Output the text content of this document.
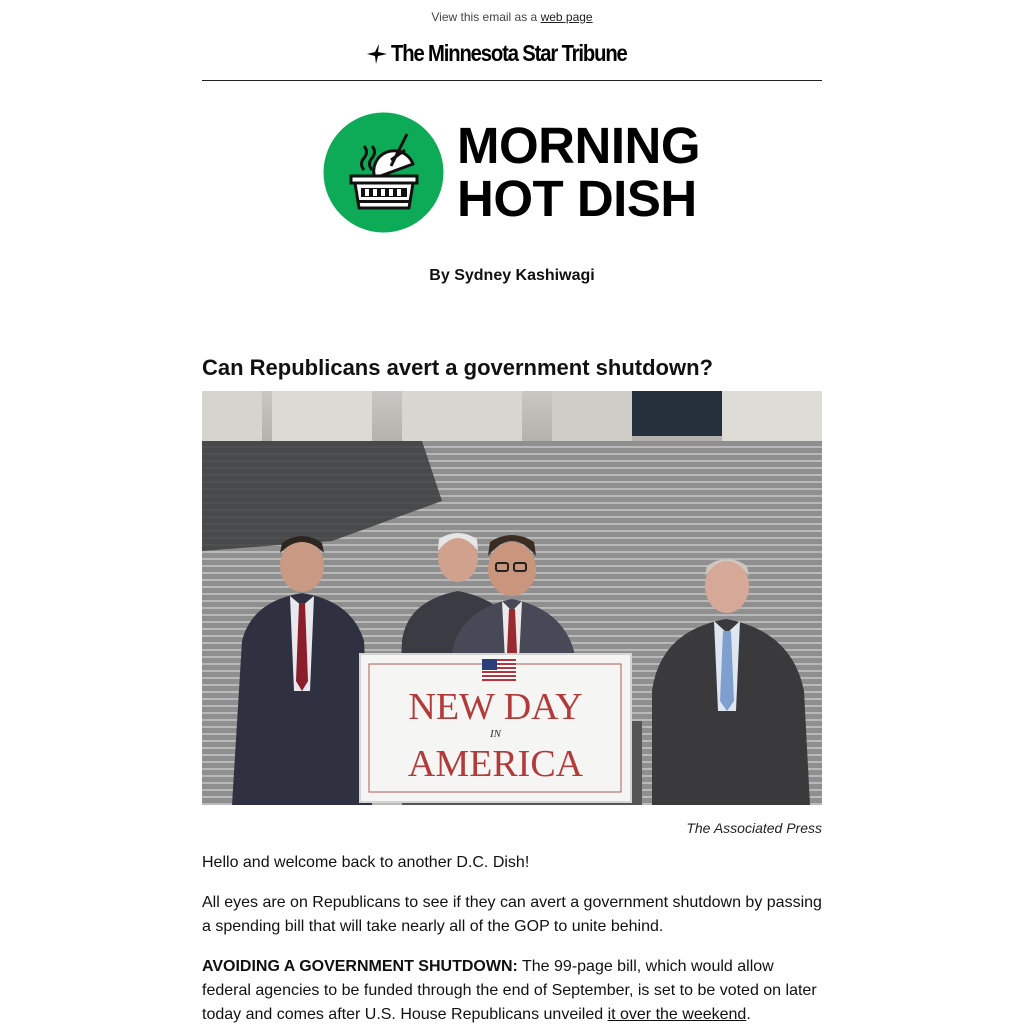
View this email as a web page
The Minnesota Star Tribune
MORNING
HOT DISH
By Sydney Kashiwagi
Can Republicans avert a government shutdown?
NEW DAY
IN
AMERICA
The Associated Press
Hello and welcome back to another D.C. Dish!
All eyes are on Republicans to see if they can avert a government shutdown by passing a spending bill that will take nearly all of the GOP to unite behind.
AVOIDING A GOVERNMENT SHUTDOWN: The 99-page bill, which would allow federal agencies to be funded through the end of September, is set to be voted on later today and comes after U.S. House Republicans unveiled it over the weekend.
